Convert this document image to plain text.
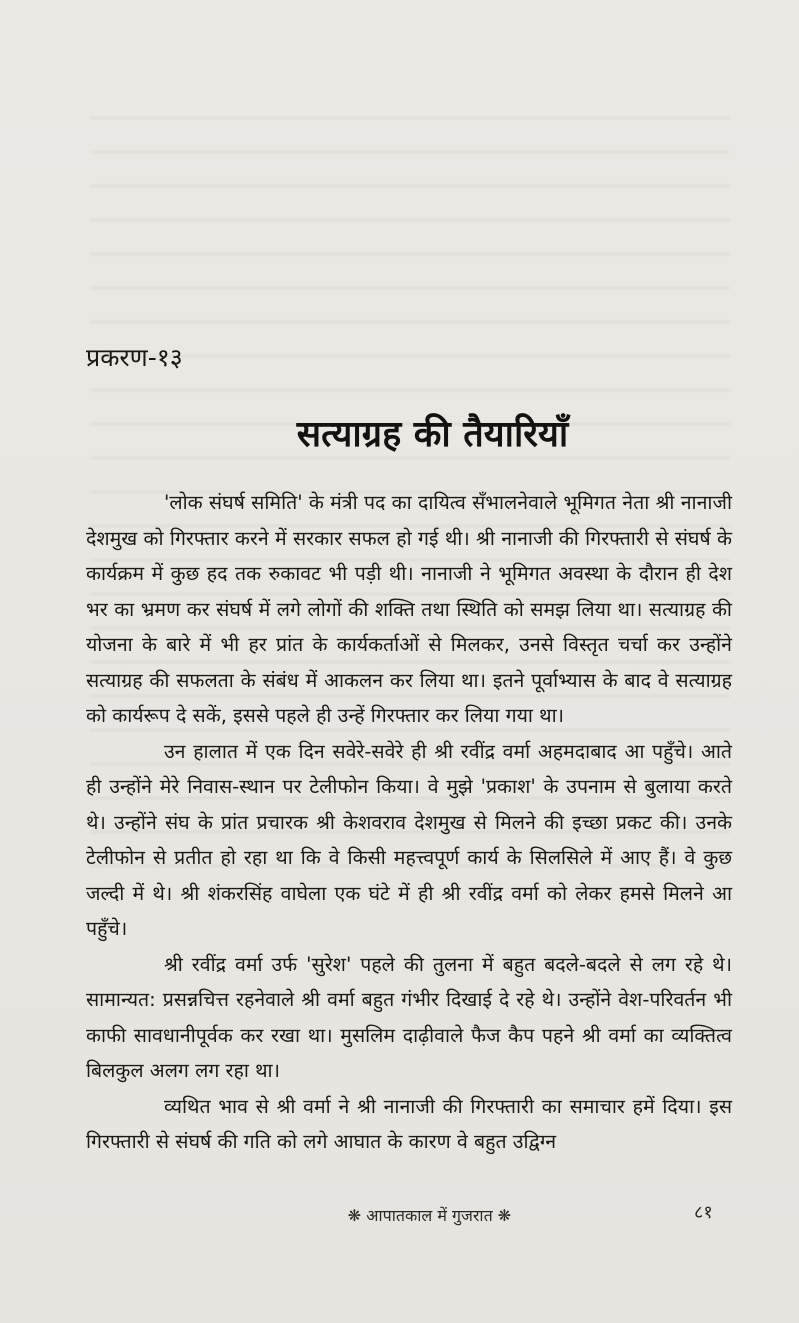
प्रकरण-१३
सत्याग्रह की तैयारियाँ

'लोक संघर्ष समिति' के मंत्री पद का दायित्व सँभालनेवाले भूमिगत नेता श्री नानाजी देशमुख को गिरफ्तार करने में सरकार सफल हो गई थी। श्री नानाजी की गिरफ्तारी से संघर्ष के कार्यक्रम में कुछ हद तक रुकावट भी पड़ी थी। नानाजी ने भूमिगत अवस्था के दौरान ही देश भर का भ्रमण कर संघर्ष में लगे लोगों की शक्ति तथा स्थिति को समझ लिया था। सत्याग्रह की योजना के बारे में भी हर प्रांत के कार्यकर्ताओं से मिलकर, उनसे विस्तृत चर्चा कर उन्होंने सत्याग्रह की सफलता के संबंध में आकलन कर लिया था। इतने पूर्वाभ्यास के बाद वे सत्याग्रह को कार्यरूप दे सकें, इससे पहले ही उन्हें गिरफ्तार कर लिया गया था।

उन हालात में एक दिन सवेरे-सवेरे ही श्री रवींद्र वर्मा अहमदाबाद आ पहुँचे। आते ही उन्होंने मेरे निवास-स्थान पर टेलीफोन किया। वे मुझे 'प्रकाश' के उपनाम से बुलाया करते थे। उन्होंने संघ के प्रांत प्रचारक श्री केशवराव देशमुख से मिलने की इच्छा प्रकट की। उनके टेलीफोन से प्रतीत हो रहा था कि वे किसी महत्त्वपूर्ण कार्य के सिलसिले में आए हैं। वे कुछ जल्दी में थे। श्री शंकरसिंह वाघेला एक घंटे में ही श्री रवींद्र वर्मा को लेकर हमसे मिलने आ पहुँचे।

श्री रवींद्र वर्मा उर्फ 'सुरेश' पहले की तुलना में बहुत बदले-बदले से लग रहे थे। सामान्यत: प्रसन्नचित्त रहनेवाले श्री वर्मा बहुत गंभीर दिखाई दे रहे थे। उन्होंने वेश-परिवर्तन भी काफी सावधानीपूर्वक कर रखा था। मुसलिम दाढ़ीवाले फैज कैप पहने श्री वर्मा का व्यक्तित्व बिलकुल अलग लग रहा था।

व्यथित भाव से श्री वर्मा ने श्री नानाजी की गिरफ्तारी का समाचार हमें दिया। इस गिरफ्तारी से संघर्ष की गति को लगे आघात के कारण वे बहुत उद्विग्न

❋ आपातकाल में गुजरात ❋	८१
